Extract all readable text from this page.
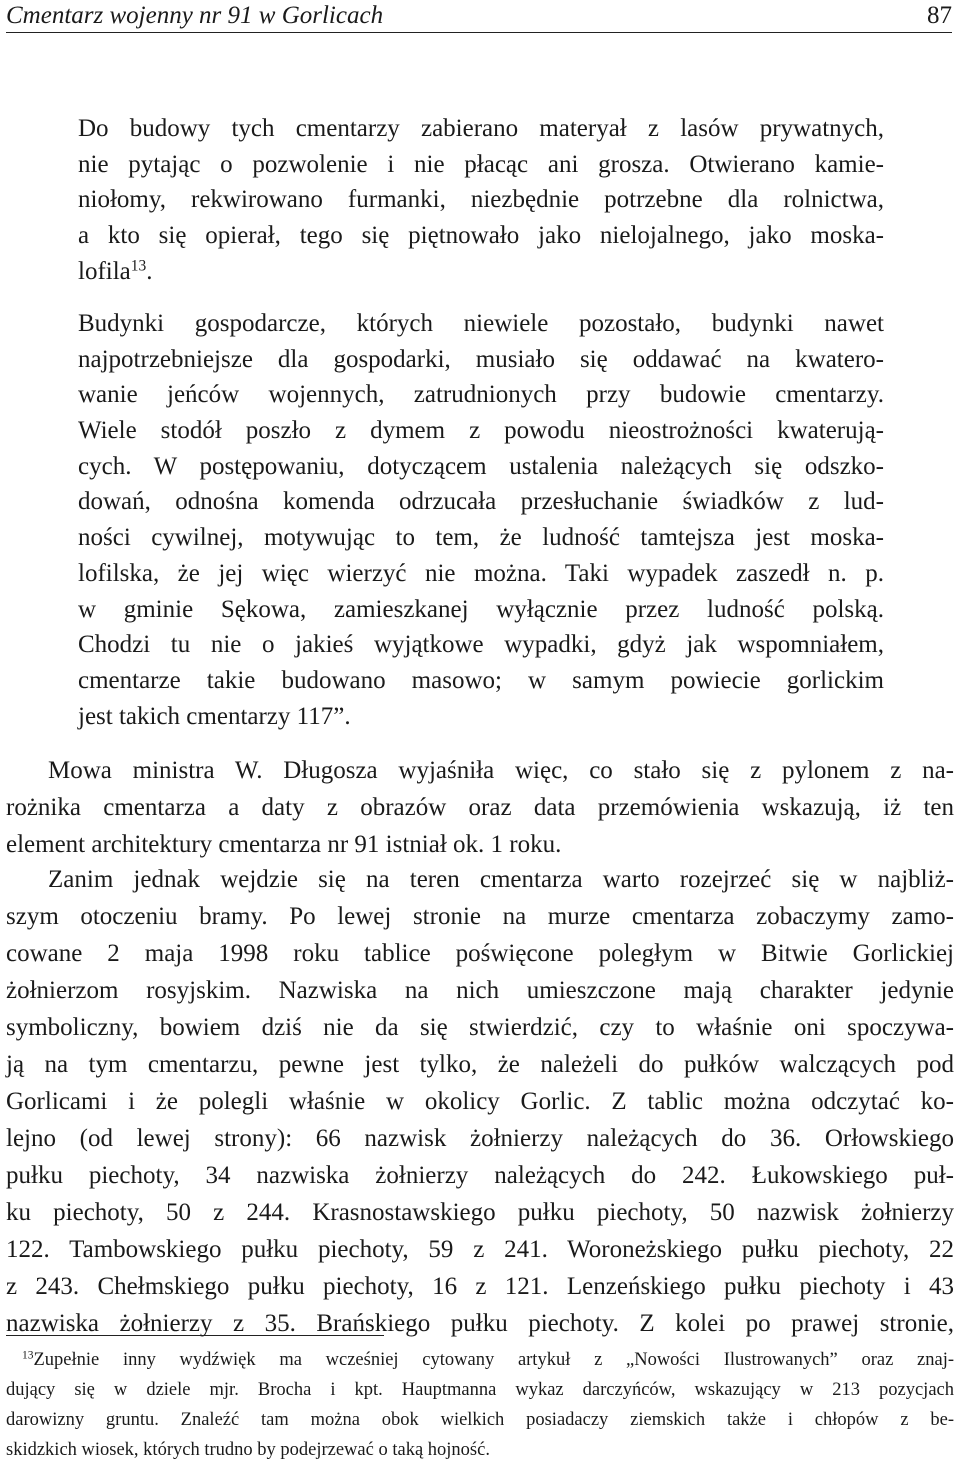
Cmentarz wojenny nr 91 w Gorlicach	87
Do budowy tych cmentarzy zabierano materyał z lasów prywatnych,
nie pytając o pozwolenie i nie płacąc ani grosza. Otwierano kamie-
niołomy, rekwirowano furmanki, niezbędnie potrzebne dla rolnictwa,
a kto się opierał, tego się piętnowało jako nielojalnego, jako moska-
lofila$^{13}$.
Budynki gospodarcze, których niewiele pozostało, budynki nawet
najpotrzebniejsze dla gospodarki, musiało się oddawać na kwatero-
wanie jeńców wojennych, zatrudnionych przy budowie cmentarzy.
Wiele stodół poszło z dymem z powodu nieostrożności kwaterują-
cych. W postępowaniu, dotyczącem ustalenia należących się odszko-
dowań, odnośna komenda odrzucała przesłuchanie świadków z lud-
ności cywilnej, motywując to tem, że ludność tamtejsza jest moska-
lofilska, że jej więc wierzyć nie można. Taki wypadek zaszedł n. p.
w gminie Sękowa, zamieszkanej wyłącznie przez ludność polską.
Chodzi tu nie o jakieś wyjątkowe wypadki, gdyż jak wspomniałem,
cmentarze takie budowano masowo; w samym powiecie gorlickim
jest takich cmentarzy 117”.
Mowa ministra W. Długosza wyjaśniła więc, co stało się z pylonem z na-
rożnika cmentarza a daty z obrazów oraz data przemówienia wskazują, iż ten
element architektury cmentarza nr 91 istniał ok. 1 roku.
Zanim jednak wejdzie się na teren cmentarza warto rozejrzeć się w najbliż-
szym otoczeniu bramy. Po lewej stronie na murze cmentarza zobaczymy zamo-
cowane 2 maja 1998 roku tablice poświęcone poległym w Bitwie Gorlickiej
żołnierzom rosyjskim. Nazwiska na nich umieszczone mają charakter jedynie
symboliczny, bowiem dziś nie da się stwierdzić, czy to właśnie oni spoczywa-
ją na tym cmentarzu, pewne jest tylko, że należeli do pułków walczących pod
Gorlicami i że polegli właśnie w okolicy Gorlic. Z tablic można odczytać ko-
lejno (od lewej strony): 66 nazwisk żołnierzy należących do 36. Orłowskiego
pułku piechoty, 34 nazwiska żołnierzy należących do 242. Łukowskiego puł-
ku piechoty, 50 z 244. Krasnostawskiego pułku piechoty, 50 nazwisk żołnierzy
122. Tambowskiego pułku piechoty, 59 z 241. Woroneżskiego pułku piechoty, 22
z 243. Chełmskiego pułku piechoty, 16 z 121. Lenzeńskiego pułku piechoty i 43
nazwiska żołnierzy z 35. Brańskiego pułku piechoty. Z kolei po prawej stronie,
$^{13}$Zupełnie inny wydźwięk ma wcześniej cytowany artykuł z „Nowości Ilustrowanych” oraz znaj-
dujący się w dziele mjr. Brocha i kpt. Hauptmanna wykaz darczyńców, wskazujący w 213 pozycjach
darowizny gruntu. Znaleźć tam można obok wielkich posiadaczy ziemskich także i chłopów z be-
skidzkich wiosek, których trudno by podejrzewać o taką hojność.
